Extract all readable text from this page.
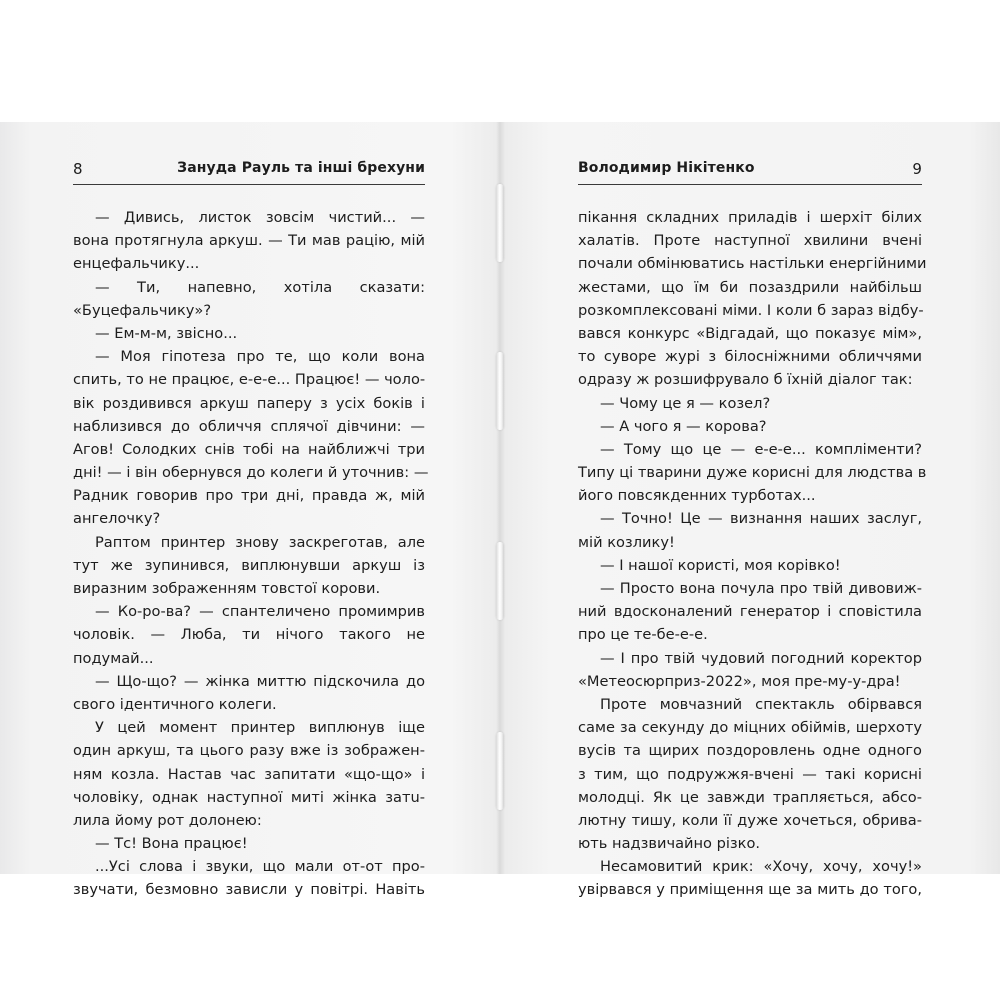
8	Зануда Рауль та інші брехуни
— Дивись, листок зовсім чистий... —
вона протягнула аркуш. — Ти мав рацію, мій
енцефальчику...
— Ти, напевно, хотіла сказати:
«Буцефальчику»?
— Ем-м-м, звісно...
— Моя гіпотеза про те, що коли вона
спить, то не працює, е-е-е... Працює! — чоло-
вік роздивився аркуш паперу з усіх боків і
наблизився до обличчя сплячої дівчини: —
Агов! Солодких снів тобі на найближчі три
дні! — і він обернувся до колеги й уточнив: —
Радник говорив про три дні, правда ж, мій
ангелочку?
Раптом принтер знову заскреготав, але
тут же зупинився, виплюнувши аркуш із
виразним зображенням товстої корови.
— Ко-ро-ва? — спантеличено промимрив
чоловік. — Люба, ти нічого такого не
подумай...
— Що-що? — жінка миттю підскочила до
свого ідентичного колеги.
У цей момент принтер виплюнув іще
один аркуш, та цього разу вже із зображен-
ням козла. Настав час запитати «що-що» і
чоловіку, однак наступної миті жінка затu-
лила йому рот долонею:
— Тс! Вона працює!
...Усі слова і звуки, що мали от-от про-
звучати, безмовно зависли у повітрі. Навіть
Володимир Нікітенко	9
пікання складних приладів і шерхіт білих
халатів. Проте наступної хвилини вчені
почали обмінюватись настільки енергійними
жестами, що їм би позаздрили найбільш
розкомплексовані міми. І коли б зараз відбу-
вався конкурс «Відгадай, що показує мім»,
то суворе журі з білосніжними обличчями
одразу ж розшифрувало б їхній діалог так:
— Чому це я — козел?
— А чого я — корова?
— Тому що це — е-е-е... компліменти?
Типу ці тварини дуже корисні для людства в
його повсякденних турботах...
— Точно! Це — визнання наших заслуг,
мій козлику!
— І нашої користі, моя корівко!
— Просто вона почула про твій дивовиж-
ний вдосконалений генератор і сповістила
про це те-бе-е-е.
— І про твій чудовий погодний коректор
«Метеосюрприз-2022», моя пре-му-у-дра!
Проте мовчазний спектакль обірвався
саме за секунду до міцних обіймів, шерхоту
вусів та щирих поздоровлень одне одного
з тим, що подружжя-вчені — такі корисні
молодці. Як це завжди трапляється, абсо-
лютну тишу, коли її дуже хочеться, обрива-
ють надзвичайно різко.
Несамовитий крик: «Хочу, хочу, хочу!»
увірвався у приміщення ще за мить до того,
